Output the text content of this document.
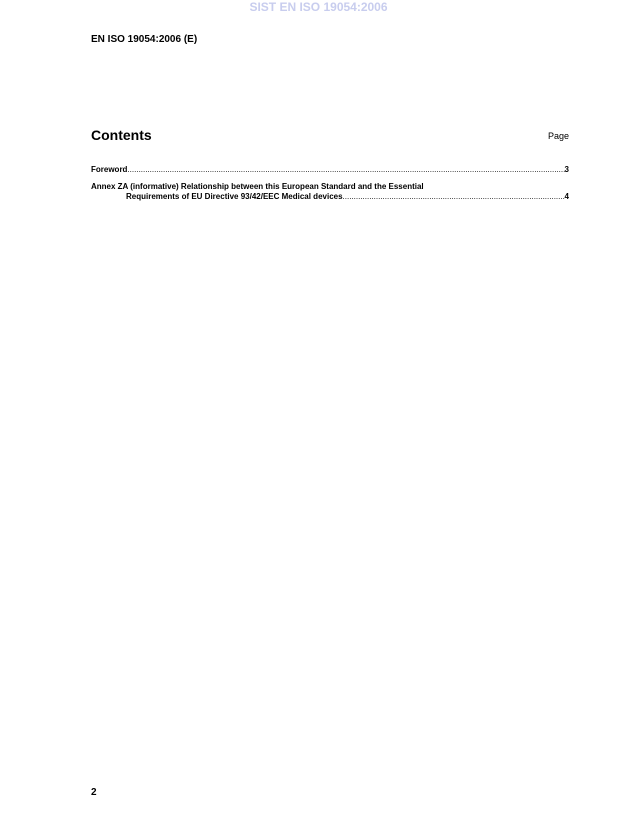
SIST EN ISO 19054:2006
EN ISO 19054:2006 (E)
Contents	Page
Foreword .....	3
Annex ZA (informative) Relationship between this European Standard and the Essential
Requirements of EU Directive 93/42/EEC Medical devices .....	4
2
